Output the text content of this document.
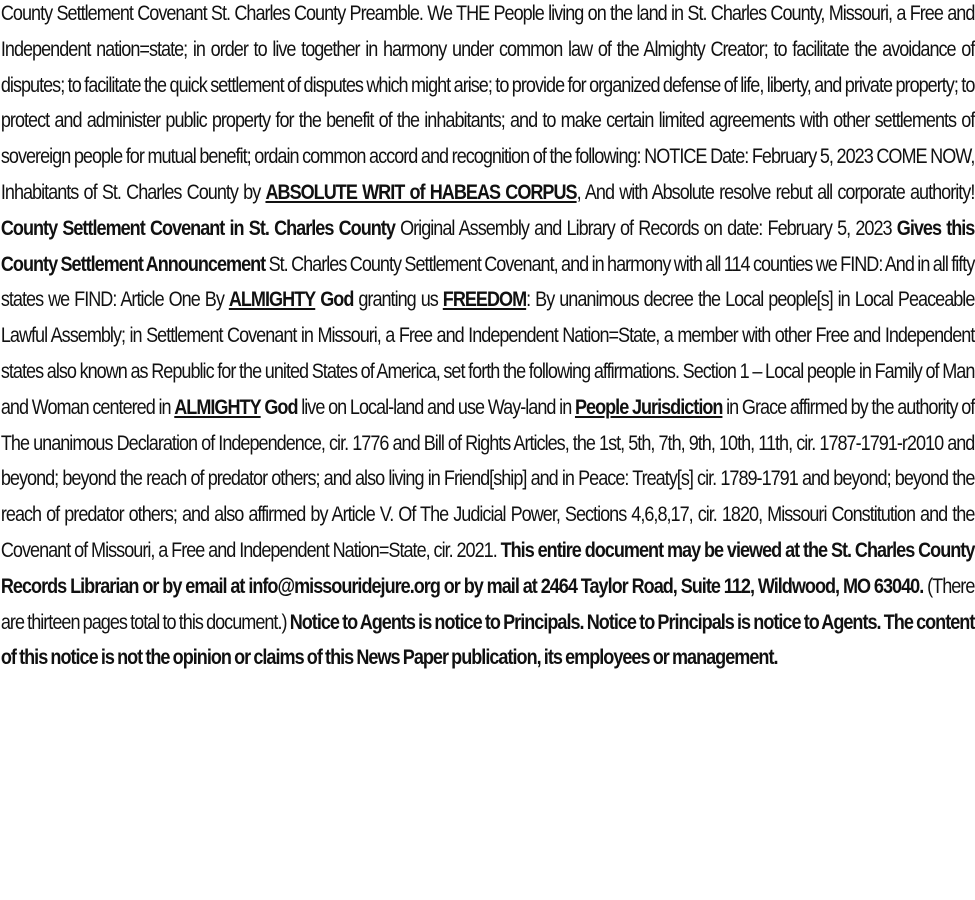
County Settlement Covenant St. Charles County Preamble. We THE People living on the land in St. Charles County, Missouri, a Free and Independent nation=state; in order to live together in harmony under common law of the Almighty Creator; to facilitate the avoidance of disputes; to facilitate the quick settlement of disputes which might arise; to provide for organized defense of life, liberty, and private property; to protect and administer public property for the benefit of the inhabitants; and to make certain limited agreements with other settlements of sovereign people for mutual benefit; ordain common accord and recognition of the following: NOTICE Date: February 5, 2023 COME NOW, Inhabitants of St. Charles County by ABSOLUTE WRIT of HABEAS CORPUS, And with Absolute resolve rebut all corporate authority! County Settlement Covenant in St. Charles County Original Assembly and Library of Records on date: February 5, 2023 Gives this County Settlement Announcement St. Charles County Settlement Covenant, and in harmony with all 114 counties we FIND: And in all fifty states we FIND: Article One By ALMIGHTY God granting us FREEDOM: By unanimous decree the Local people[s] in Local Peaceable Lawful Assembly; in Settlement Covenant in Missouri, a Free and Independent Nation=State, a member with other Free and Independent states also known as Republic for the united States of America, set forth the following affirmations. Section 1 – Local people in Family of Man and Woman centered in ALMIGHTY God live on Local-land and use Way-land in People Jurisdiction in Grace affirmed by the authority of The unanimous Declaration of Independence, cir. 1776 and Bill of Rights Articles, the 1st, 5th, 7th, 9th, 10th, 11th, cir. 1787-1791-r2010 and beyond; beyond the reach of predator others; and also living in Friend[ship] and in Peace: Treaty[s] cir. 1789-1791 and beyond; beyond the reach of predator others; and also affirmed by Article V. Of The Judicial Power, Sections 4,6,8,17, cir. 1820, Missouri Constitution and the Covenant of Missouri, a Free and Independent Nation=State, cir. 2021. This entire document may be viewed at the St. Charles County Records Librarian or by email at info@missouridejure.org or by mail at 2464 Taylor Road, Suite 112, Wildwood, MO 63040. (There are thirteen pages total to this document.) Notice to Agents is notice to Principals. Notice to Principals is notice to Agents. The content of this notice is not the opinion or claims of this News Paper publication, its employees or management.
